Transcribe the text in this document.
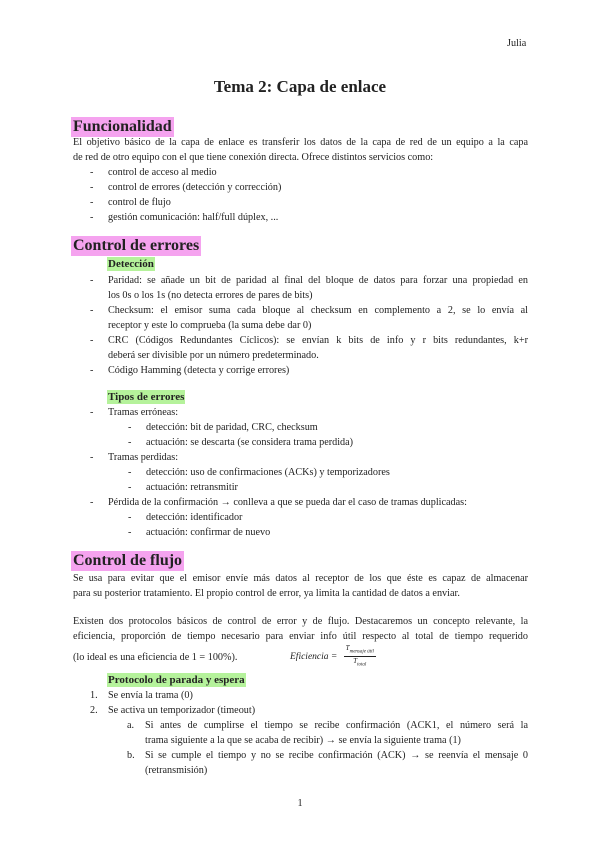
Julia
Tema 2: Capa de enlace
Funcionalidad
El objetivo básico de la capa de enlace es transferir los datos de la capa de red de un equipo a la capa
de red de otro equipo con el que tiene conexión directa. Ofrece distintos servicios como:
- control de acceso al medio
- control de errores (detección y corrección)
- control de flujo
- gestión comunicación: half/full dúplex, ...
Control de errores
Detección
- Paridad: se añade un bit de paridad al final del bloque de datos para forzar una propiedad en
los 0s o los 1s (no detecta errores de pares de bits)
- Checksum: el emisor suma cada bloque al checksum en complemento a 2, se lo envía al
receptor y este lo comprueba (la suma debe dar 0)
- CRC (Códigos Redundantes Cíclicos): se envían k bits de info y r bits redundantes, k+r
deberá ser divisible por un número predeterminado.
- Código Hamming (detecta y corrige errores)
Tipos de errores
- Tramas erróneas:
- detección: bit de paridad, CRC, checksum
- actuación: se descarta (se considera trama perdida)
- Tramas perdidas:
- detección: uso de confirmaciones (ACKs) y temporizadores
- actuación: retransmitir
- Pérdida de la confirmación → conlleva a que se pueda dar el caso de tramas duplicadas:
- detección: identificador
- actuación: confirmar de nuevo
Control de flujo
Se usa para evitar que el emisor envíe más datos al receptor de los que éste es capaz de almacenar
para su posterior tratamiento. El propio control de error, ya limita la cantidad de datos a enviar.
Existen dos protocolos básicos de control de error y de flujo. Destacaremos un concepto relevante, la
eficiencia, proporción de tiempo necesario para enviar info útil respecto al total de tiempo requerido
(lo ideal es una eficiencia de 1 = 100%).	Eficiencia = $\frac{T_{mensaje útil}}{T_{total}}$
Protocolo de parada y espera
1. Se envía la trama (0)
2. Se activa un temporizador (timeout)
a. Si antes de cumplirse el tiempo se recibe confirmación (ACK1, el número será la
trama siguiente a la que se acaba de recibir) → se envía la siguiente trama (1)
b. Si se cumple el tiempo y no se recibe confirmación (ACK) → se reenvía el mensaje 0
(retransmisión)
1
